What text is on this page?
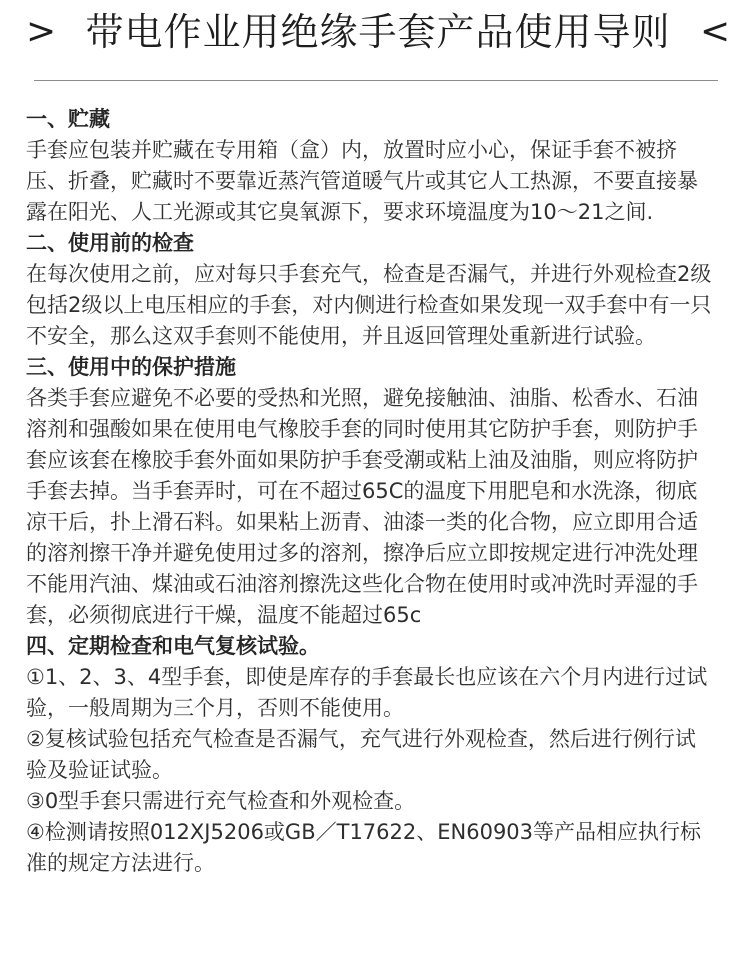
> 带电作业用绝缘手套产品使用导则 <

一、贮藏

手套应包装并贮藏在专用箱（盒）内，放置时应小心，保证手套不被挤压、折叠，贮藏时不要靠近蒸汽管道暖气片或其它人工热源，不要直接暴露在阳光、人工光源或其它臭氧源下，要求环境温度为10～21之间.

二、使用前的检查

在每次使用之前，应对每只手套充气，检查是否漏气，并进行外观检查2级包括2级以上电压相应的手套，对内侧进行检查如果发现一双手套中有一只不安全，那么这双手套则不能使用，并且返回管理处重新进行试验。

三、使用中的保护措施

各类手套应避免不必要的受热和光照，避免接触油、油脂、松香水、石油溶剂和强酸如果在使用电气橡胶手套的同时使用其它防护手套，则防护手套应该套在橡胶手套外面如果防护手套受潮或粘上油及油脂，则应将防护手套去掉。当手套弄时，可在不超过65C的温度下用肥皂和水洗涤，彻底凉干后，扑上滑石料。如果粘上沥青、油漆一类的化合物，应立即用合适的溶剂擦干净并避免使用过多的溶剂，擦净后应立即按规定进行冲洗处理不能用汽油、煤油或石油溶剂擦洗这些化合物在使用时或冲洗时弄湿的手套，必须彻底进行干燥，温度不能超过65c

四、定期检查和电气复核试验。

①1、2、3、4型手套，即使是库存的手套最长也应该在六个月内进行过试验，一般周期为三个月，否则不能使用。

②复核试验包括充气检查是否漏气，充气进行外观检查，然后进行例行试验及验证试验。

③0型手套只需进行充气检查和外观检查。

④检测请按照012XJ5206或GB／T17622、EN60903等产品相应执行标准的规定方法进行。
